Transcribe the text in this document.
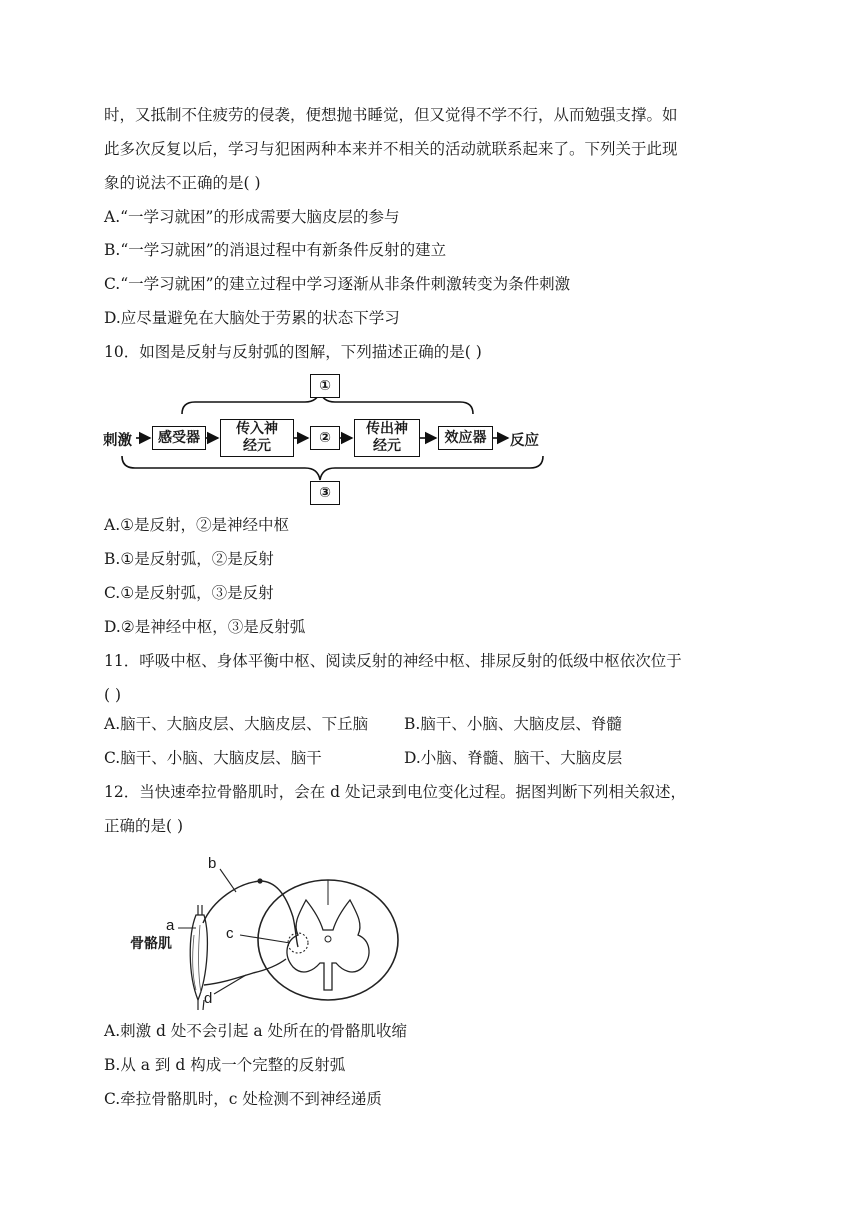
时，又抵制不住疲劳的侵袭，便想抛书睡觉，但又觉得不学不行，从而勉强支撑。如
此多次反复以后，学习与犯困两种本来并不相关的活动就联系起来了。下列关于此现
象的说法不正确的是( )
A.“一学习就困”的形成需要大脑皮层的参与
B.“一学习就困”的消退过程中有新条件反射的建立
C.“一学习就困”的建立过程中学习逐渐从非条件刺激转变为条件刺激
D.应尽量避免在大脑处于劳累的状态下学习
10．如图是反射与反射弧的图解，下列描述正确的是( )
刺激 感受器
传入神
经元
②
传出神
经元
效应器 反应
①
③
A.①是反射，②是神经中枢
B.①是反射弧，②是反射
C.①是反射弧，③是反射
D.②是神经中枢，③是反射弧
11．呼吸中枢、身体平衡中枢、阅读反射的神经中枢、排尿反射的低级中枢依次位于
( )
A.脑干、大脑皮层、大脑皮层、下丘脑 B.脑干、小脑、大脑皮层、脊髓
C.脑干、小脑、大脑皮层、脑干	D.小脑、脊髓、脑干、大脑皮层
12．当快速牵拉骨骼肌时，会在 d 处记录到电位变化过程。据图判断下列相关叙述，
正确的是( )
b
a
骨骼肌
c
d
A.刺激 d 处不会引起 a 处所在的骨骼肌收缩
B.从 a 到 d 构成一个完整的反射弧
C.牵拉骨骼肌时，c 处检测不到神经递质
